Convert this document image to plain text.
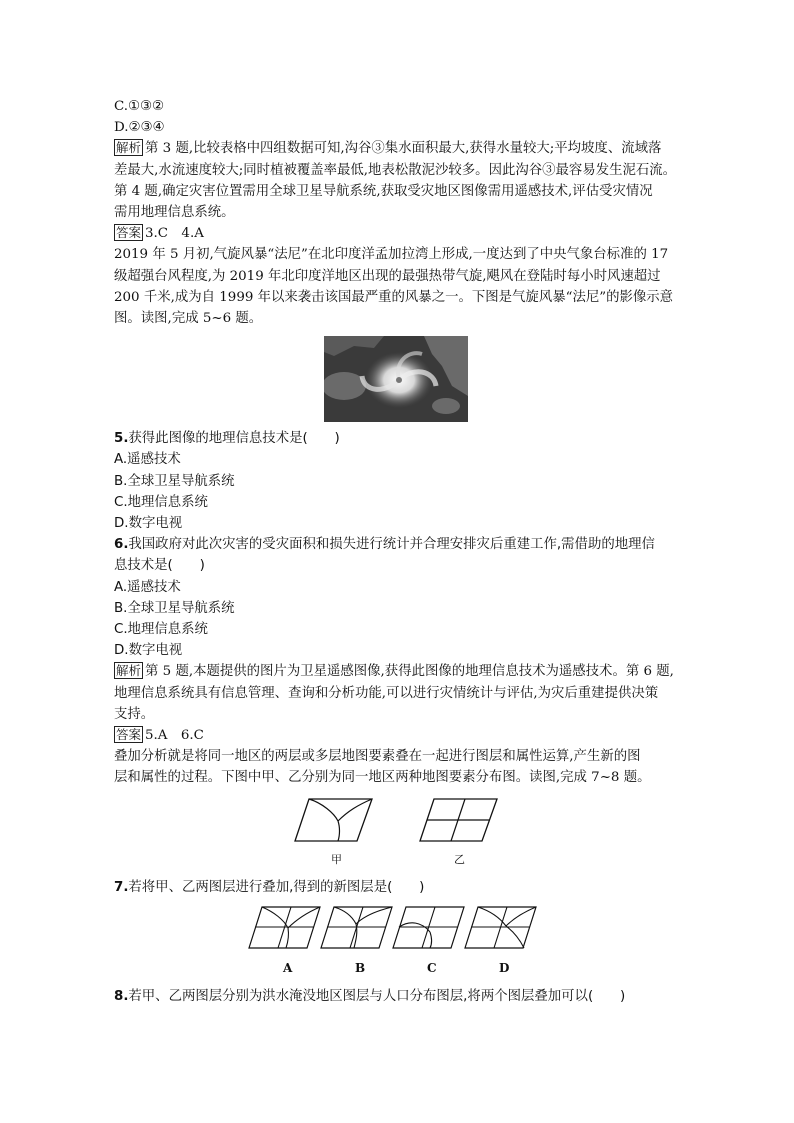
C.①③②
D.②③④
解析 第 3 题,比较表格中四组数据可知,沟谷③集水面积最大,获得水量较大;平均坡度、流域落
差最大,水流速度较大;同时植被覆盖率最低,地表松散泥沙较多。因此沟谷③最容易发生泥石流。
第 4 题,确定灾害位置需用全球卫星导航系统,获取受灾地区图像需用遥感技术,评估受灾情况
需用地理信息系统。
答案 3.C　4.A
2019 年 5 月初,气旋风暴“法尼”在北印度洋孟加拉湾上形成,一度达到了中央气象台标准的 17
级超强台风程度,为 2019 年北印度洋地区出现的最强热带气旋,飓风在登陆时每小时风速超过
200 千米,成为自 1999 年以来袭击该国最严重的风暴之一。下图是气旋风暴“法尼”的影像示意
图。读图,完成 5~6 题。
5.获得此图像的地理信息技术是(　　)
A.遥感技术
B.全球卫星导航系统
C.地理信息系统
D.数字电视
6.我国政府对此次灾害的受灾面积和损失进行统计并合理安排灾后重建工作,需借助的地理信
息技术是(　　)
A.遥感技术
B.全球卫星导航系统
C.地理信息系统
D.数字电视
解析 第 5 题,本题提供的图片为卫星遥感图像,获得此图像的地理信息技术为遥感技术。第 6 题,
地理信息系统具有信息管理、查询和分析功能,可以进行灾情统计与评估,为灾后重建提供决策
支持。
答案 5.A　6.C
叠加分析就是将同一地区的两层或多层地图要素叠在一起进行图层和属性运算,产生新的图
层和属性的过程。下图中甲、乙分别为同一地区两种地图要素分布图。读图,完成 7~8 题。
甲	乙
7.若将甲、乙两图层进行叠加,得到的新图层是(　　)
A	B	C	D
8.若甲、乙两图层分别为洪水淹没地区图层与人口分布图层,将两个图层叠加可以(　　)
